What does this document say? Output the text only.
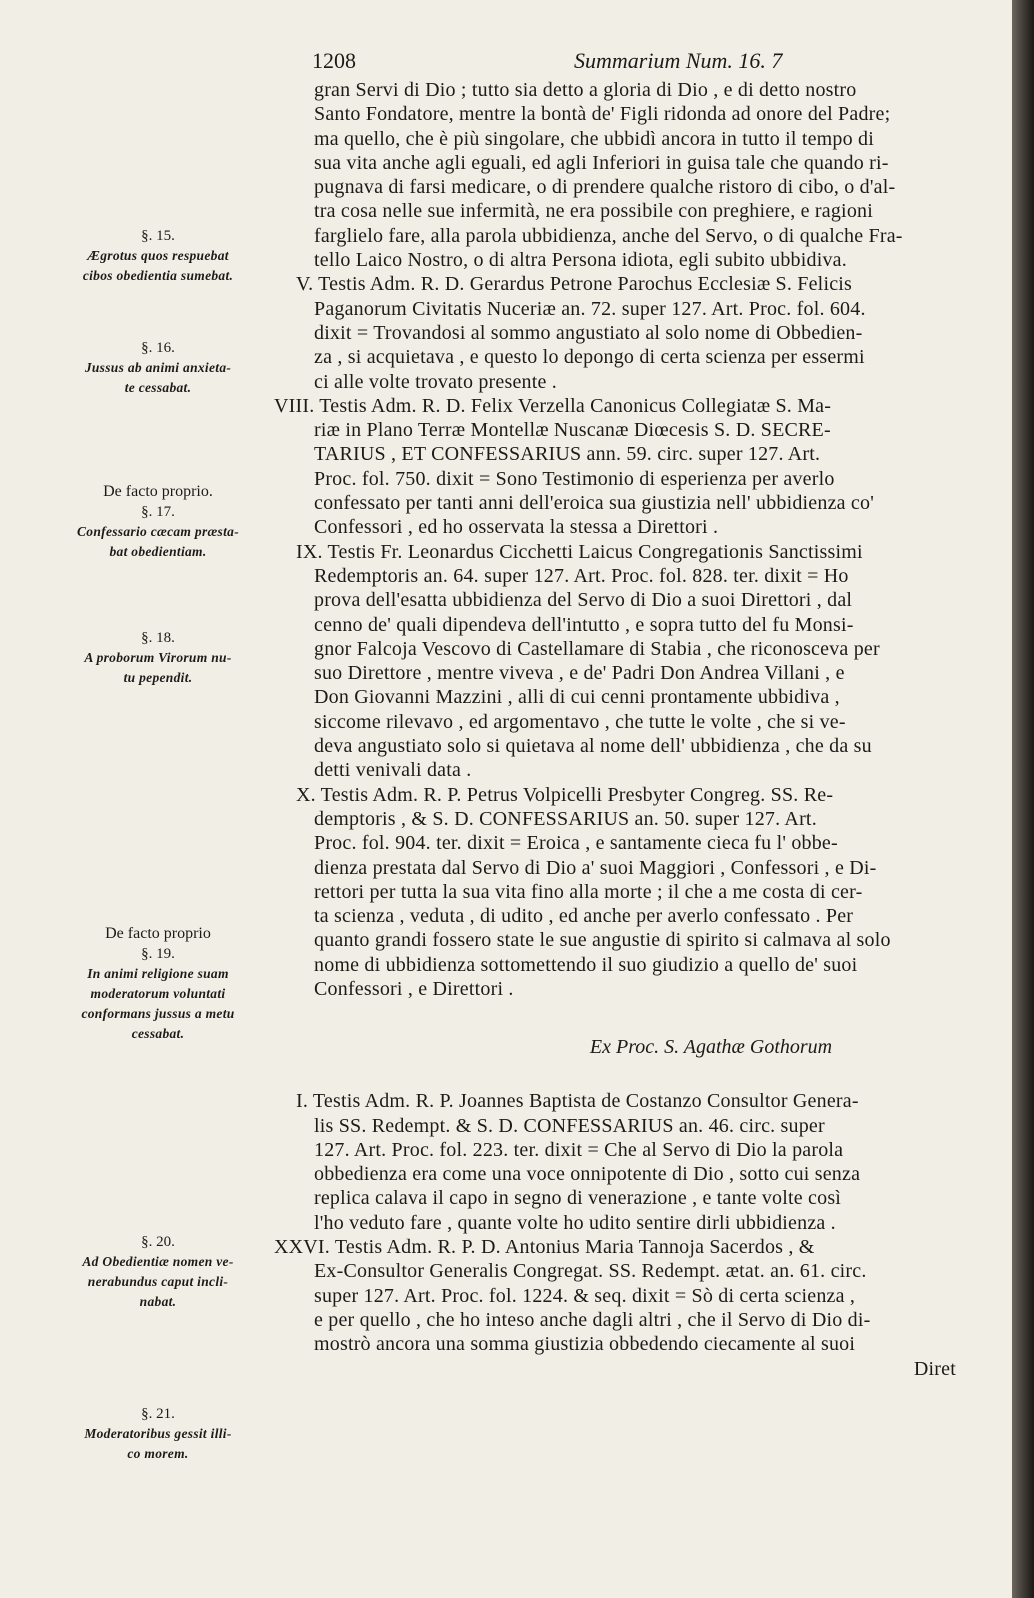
1208	Summarium Num. 16. 7
§. 15.
Ægrotus quos respuebat
cibos obedientia sumebat.
§. 16.
Jussus ab animi anxieta-
te cessabat.
De facto proprio.
§. 17.
Confessario cæcam præsta-
bat obedientiam.
§. 18.
A proborum Virorum nu-
tu pependit.
De facto proprio
§. 19.
In animi religione suam
moderatorum voluntati
conformans jussus a metu
cessabat.
§. 20.
Ad Obedientiæ nomen ve-
nerabundus caput incli-
nabat.
§. 21.
Moderatoribus gessit illi-
co morem.
gran Servi di Dio ; tutto sia detto a gloria di Dio , e di detto nostro
Santo Fondatore, mentre la bontà de' Figli ridonda ad onore del Padre;
ma quello, che è più singolare, che ubbidì ancora in tutto il tempo di
sua vita anche agli eguali, ed agli Inferiori in guisa tale che quando ri-
pugnava di farsi medicare, o di prendere qualche ristoro di cibo, o d'al-
tra cosa nelle sue infermità, ne era possibile con preghiere, e ragioni
farglielo fare, alla parola ubbidienza, anche del Servo, o di qualche Fra-
tello Laico Nostro, o di altra Persona idiota, egli subito ubbidiva.
V. Testis Adm. R. D. Gerardus Petrone Parochus Ecclesiæ S. Felicis
Paganorum Civitatis Nuceriæ an. 72. super 127. Art. Proc. fol. 604.
dixit = Trovandosi al sommo angustiato al solo nome di Obbedien-
za , si acquietava , e questo lo depongo di certa scienza per essermi
ci alle volte trovato presente .
VIII. Testis Adm. R. D. Felix Verzella Canonicus Collegiatæ S. Ma-
riæ in Plano Terræ Montellæ Nuscanæ Diœcesis S. D. SECRE-
TARIUS , ET CONFESSARIUS ann. 59. circ. super 127. Art.
Proc. fol. 750. dixit = Sono Testimonio di esperienza per averlo
confessato per tanti anni dell'eroica sua giustizia nell' ubbidienza co'
Confessori , ed ho osservata la stessa a Direttori .
IX. Testis Fr. Leonardus Cicchetti Laicus Congregationis Sanctissimi
Redemptoris an. 64. super 127. Art. Proc. fol. 828. ter. dixit = Ho
prova dell'esatta ubbidienza del Servo di Dio a suoi Direttori , dal
cenno de' quali dipendeva dell'intutto , e sopra tutto del fu Monsi-
gnor Falcoja Vescovo di Castellamare di Stabia , che riconosceva per
suo Direttore , mentre viveva , e de' Padri Don Andrea Villani , e
Don Giovanni Mazzini , alli di cui cenni prontamente ubbidiva ,
siccome rilevavo , ed argomentavo , che tutte le volte , che si ve-
deva angustiato solo si quietava al nome dell' ubbidienza , che da su
detti venivali data .
X. Testis Adm. R. P. Petrus Volpicelli Presbyter Congreg. SS. Re-
demptoris , & S. D. CONFESSARIUS an. 50. super 127. Art.
Proc. fol. 904. ter. dixit = Eroica , e santamente cieca fu l' obbe-
dienza prestata dal Servo di Dio a' suoi Maggiori , Confessori , e Di-
rettori per tutta la sua vita fino alla morte ; il che a me costa di cer-
ta scienza , veduta , di udito , ed anche per averlo confessato . Per
quanto grandi fossero state le sue angustie di spirito si calmava al solo
nome di ubbidienza sottomettendo il suo giudizio a quello de' suoi
Confessori , e Direttori .
Ex Proc. S. Agathæ Gothorum
I. Testis Adm. R. P. Joannes Baptista de Costanzo Consultor Genera-
lis SS. Redempt. & S. D. CONFESSARIUS an. 46. circ. super
127. Art. Proc. fol. 223. ter. dixit = Che al Servo di Dio la parola
obbedienza era come una voce onnipotente di Dio , sotto cui senza
replica calava il capo in segno di venerazione , e tante volte così
l'ho veduto fare , quante volte ho udito sentire dirli ubbidienza .
XXVI. Testis Adm. R. P. D. Antonius Maria Tannoja Sacerdos , &
Ex-Consultor Generalis Congregat. SS. Redempt. ætat. an. 61. circ.
super 127. Art. Proc. fol. 1224. & seq. dixit = Sò di certa scienza ,
e per quello , che ho inteso anche dagli altri , che il Servo di Dio di-
mostrò ancora una somma giustizia obbedendo ciecamente al suoi
Diret
